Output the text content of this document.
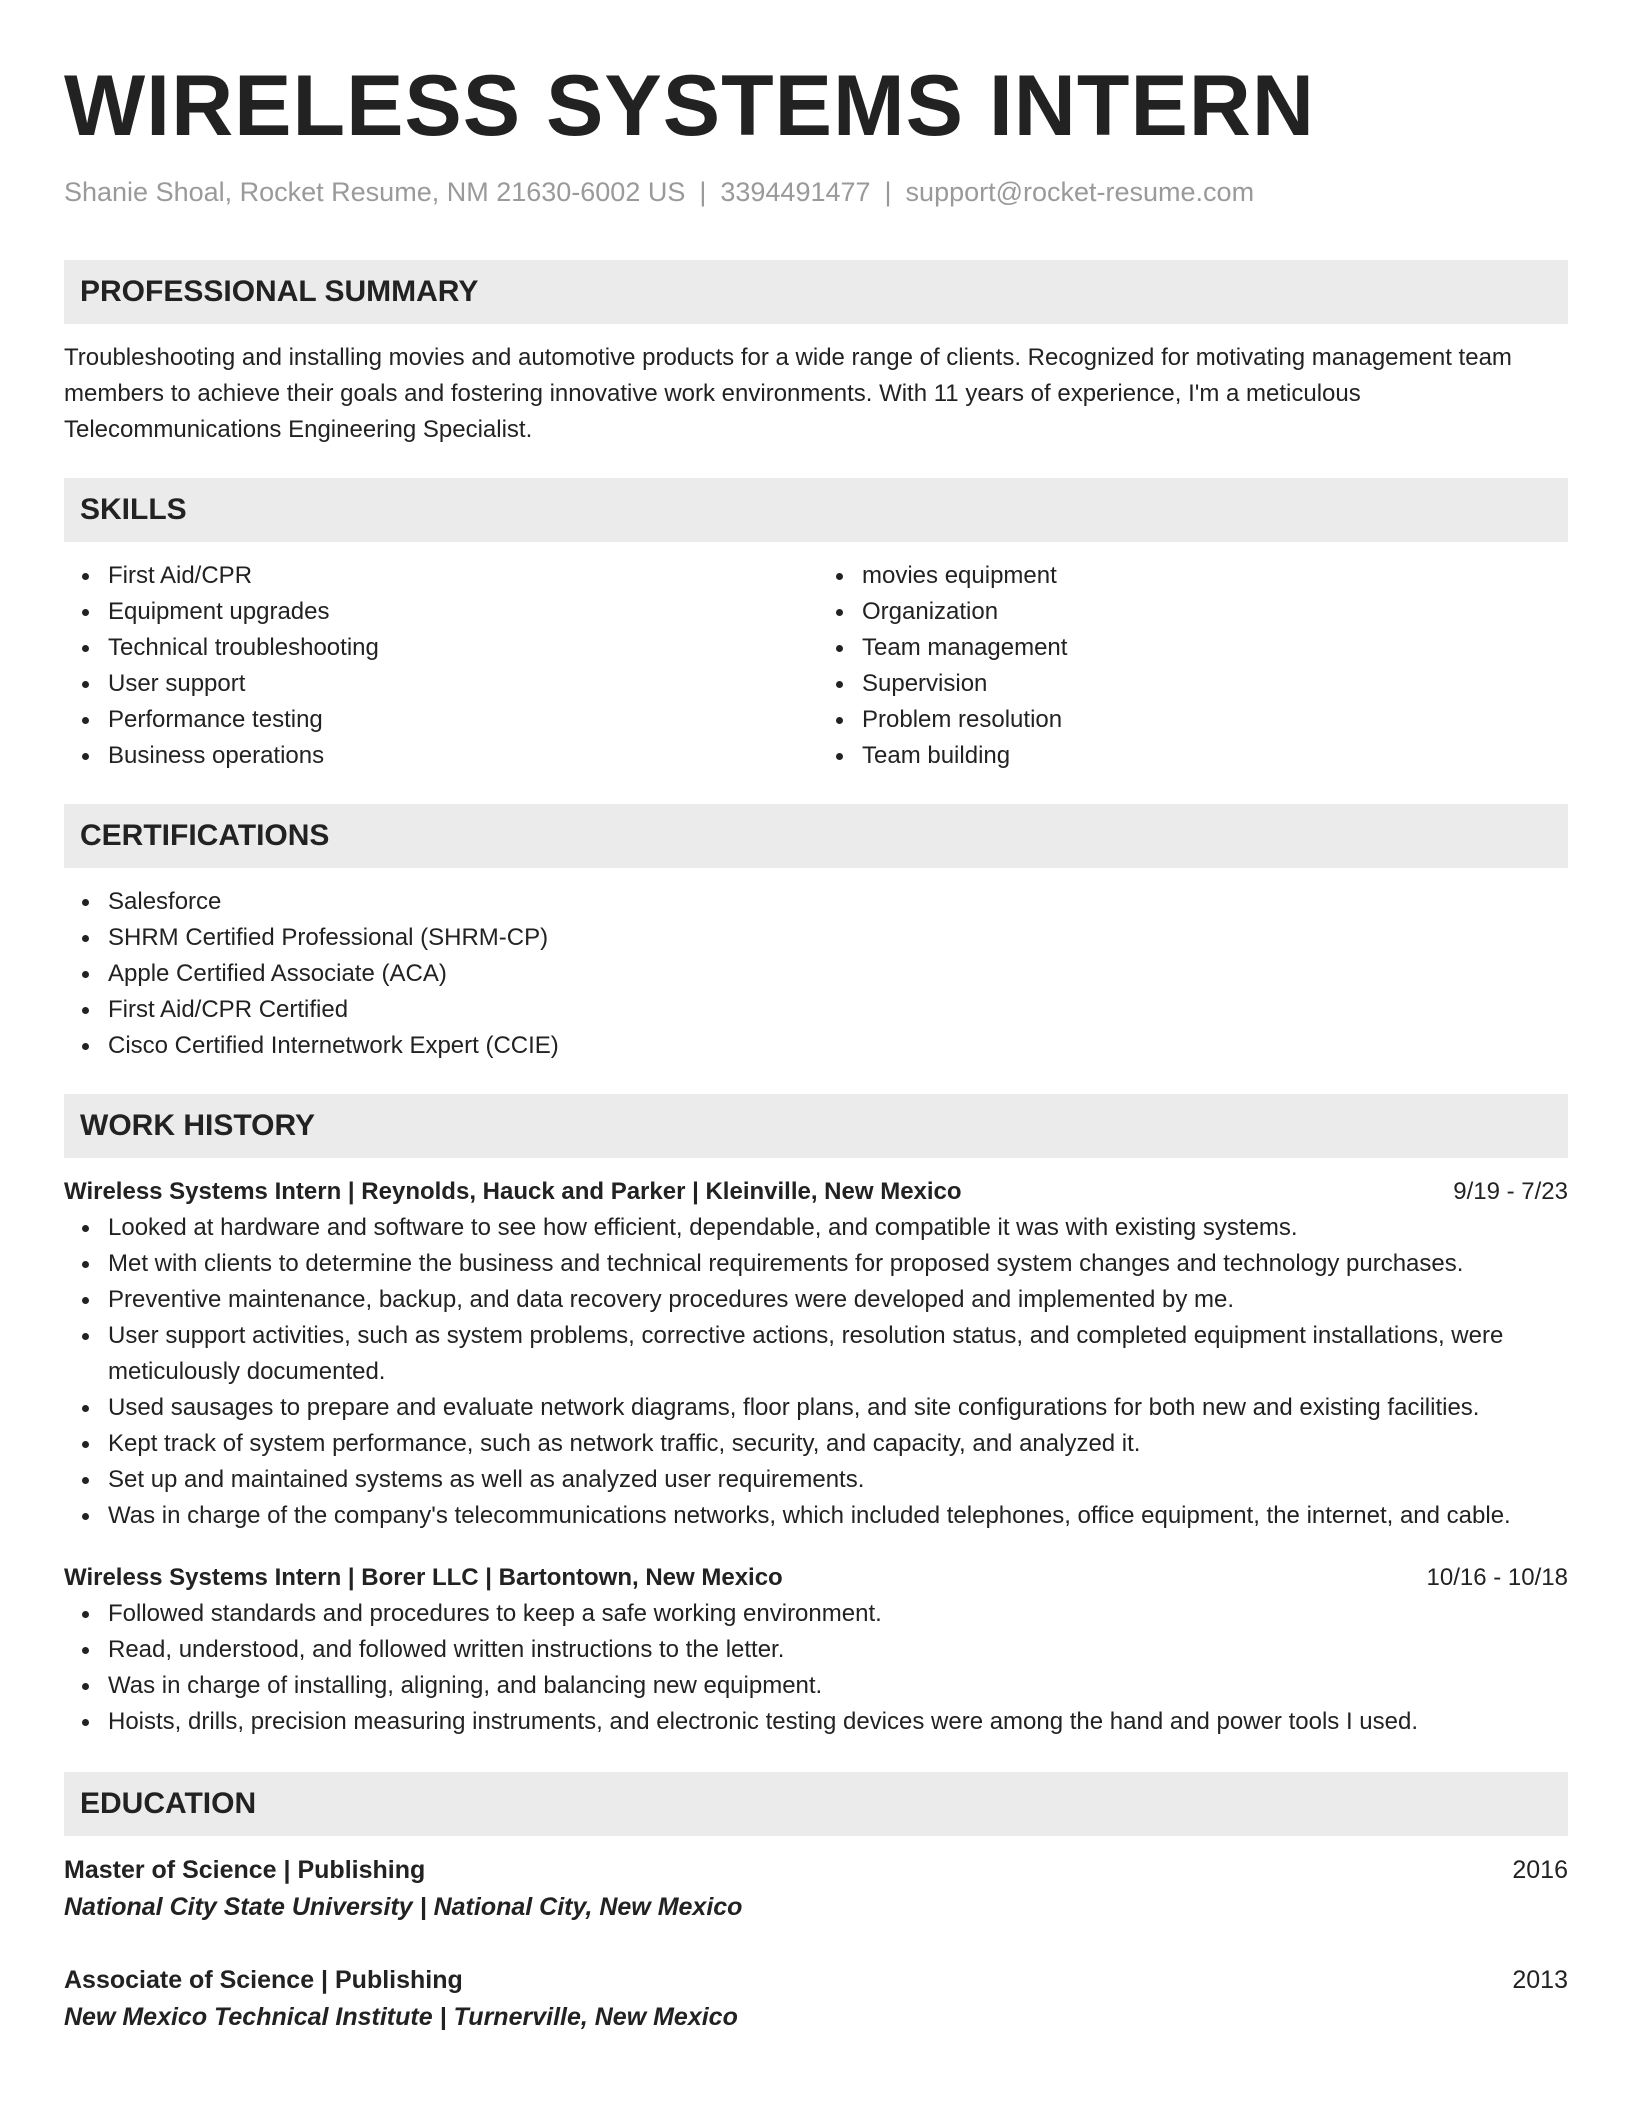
WIRELESS SYSTEMS INTERN
Shanie Shoal, Rocket Resume, NM 21630-6002 US | 3394491477 | support@rocket-resume.com
PROFESSIONAL SUMMARY

Troubleshooting and installing movies and automotive products for a wide range of clients. Recognized for motivating management team members to achieve their goals and fostering innovative work environments. With 11 years of experience, I'm a meticulous Telecommunications Engineering Specialist.

SKILLS
First Aid/CPR
Equipment upgrades
Technical troubleshooting
User support
Performance testing
Business operations
movies equipment
Organization
Team management
Supervision
Problem resolution
Team building
CERTIFICATIONS
Salesforce
SHRM Certified Professional (SHRM-CP)
Apple Certified Associate (ACA)
First Aid/CPR Certified
Cisco Certified Internetwork Expert (CCIE)
WORK HISTORY
Wireless Systems Intern | Reynolds, Hauck and Parker | Kleinville, New Mexico	9/19 - 7/23
Looked at hardware and software to see how efficient, dependable, and compatible it was with existing systems.
Met with clients to determine the business and technical requirements for proposed system changes and technology purchases.
Preventive maintenance, backup, and data recovery procedures were developed and implemented by me.
User support activities, such as system problems, corrective actions, resolution status, and completed equipment installations, were meticulously documented.
Used sausages to prepare and evaluate network diagrams, floor plans, and site configurations for both new and existing facilities.
Kept track of system performance, such as network traffic, security, and capacity, and analyzed it.
Set up and maintained systems as well as analyzed user requirements.
Was in charge of the company's telecommunications networks, which included telephones, office equipment, the internet, and cable.
Wireless Systems Intern | Borer LLC | Bartontown, New Mexico	10/16 - 10/18
Followed standards and procedures to keep a safe working environment.
Read, understood, and followed written instructions to the letter.
Was in charge of installing, aligning, and balancing new equipment.
Hoists, drills, precision measuring instruments, and electronic testing devices were among the hand and power tools I used.
EDUCATION
Master of Science | Publishing	2016
National City State University | National City, New Mexico
Associate of Science | Publishing	2013
New Mexico Technical Institute | Turnerville, New Mexico
